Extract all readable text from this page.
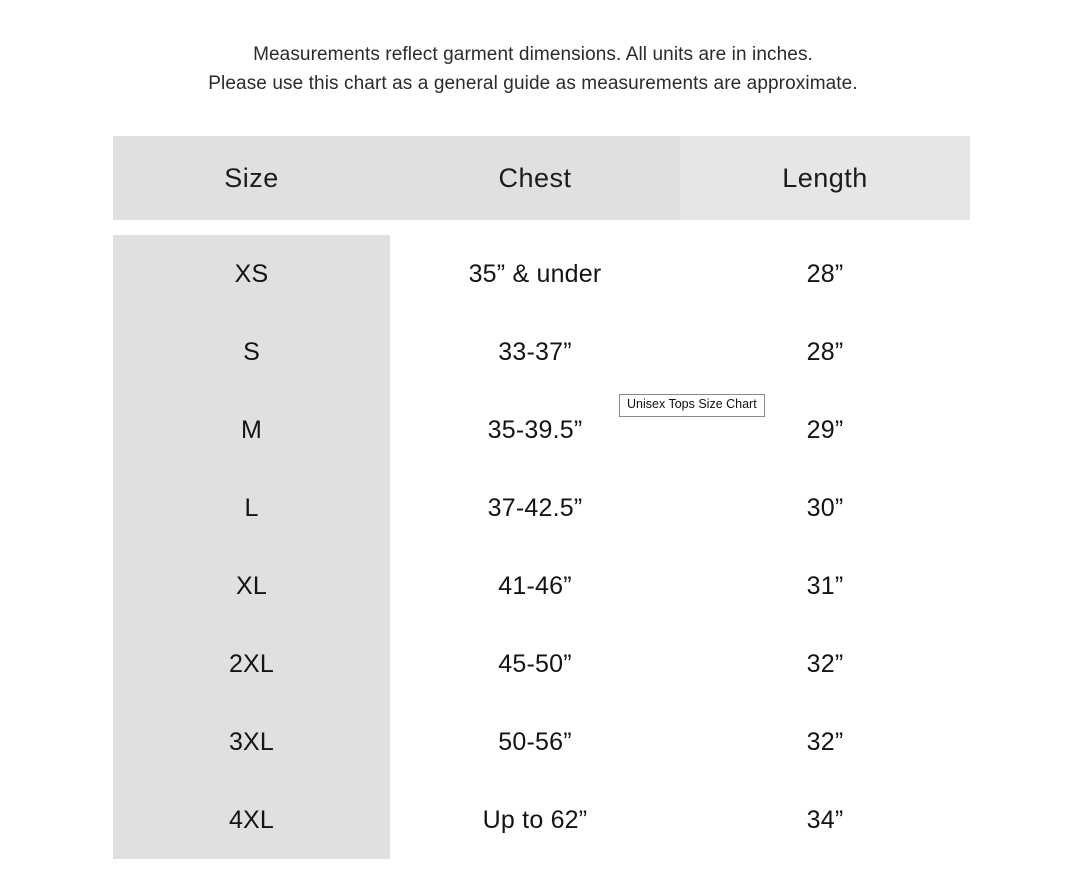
Measurements reflect garment dimensions. All units are in inches.
Please use this chart as a general guide as measurements are approximate.
Size	Chest	Length	

XS	35” & under	28”
S	33-37”	28”
M	35-39.5”	29”
L	37-42.5”	30”
XL	41-46”	31”
2XL	45-50”	32”
3XL	50-56”	32”
4XL	Up to 62”	34”
Unisex Tops Size Chart
